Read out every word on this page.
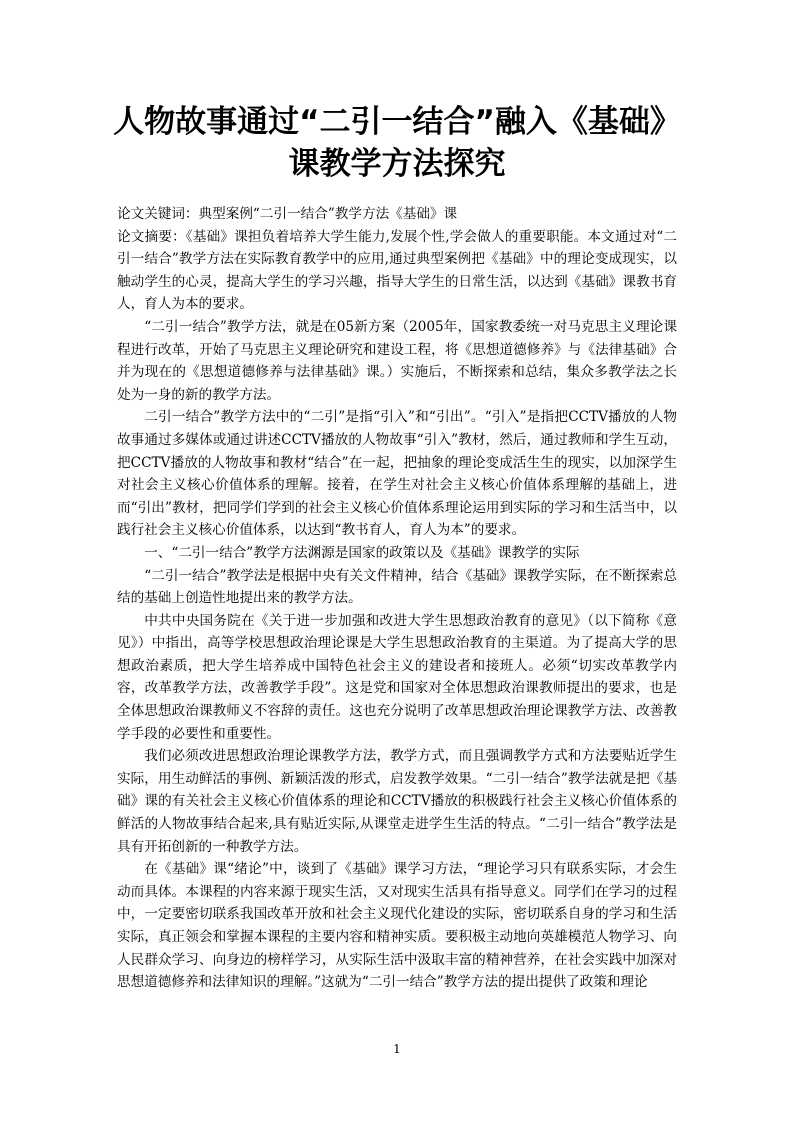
人物故事通过“二引一结合”融入《基础》
课教学方法探究

论文关键词：典型案例“二引一结合”教学方法《基础》课

论文摘要：《基础》课担负着培养大学生能力,发展个性,学会做人的重要职能。本文通过对“二引一结合”教学方法在实际教育教学中的应用,通过典型案例把《基础》中的理论变成现实，以触动学生的心灵，提高大学生的学习兴趣，指导大学生的日常生活，以达到《基础》课教书育人，育人为本的要求。

“二引一结合”教学方法，就是在05新方案（2005年，国家教委统一对马克思主义理论课程进行改革，开始了马克思主义理论研究和建设工程，将《思想道德修养》与《法律基础》合并为现在的《思想道德修养与法律基础》课。）实施后，不断探索和总结，集众多教学法之长处为一身的新的教学方法。

二引一结合”教学方法中的“二引”是指“引入”和“引出”。“引入”是指把CCTV播放的人物故事通过多媒体或通过讲述CCTV播放的人物故事“引入”教材，然后，通过教师和学生互动，把CCTV播放的人物故事和教材“结合”在一起，把抽象的理论变成活生生的现实，以加深学生对社会主义核心价值体系的理解。接着，在学生对社会主义核心价值体系理解的基础上，进而“引出”教材，把同学们学到的社会主义核心价值体系理论运用到实际的学习和生活当中，以践行社会主义核心价值体系，以达到“教书育人，育人为本”的要求。

一、“二引一结合”教学方法渊源是国家的政策以及《基础》课教学的实际

“二引一结合”教学法是根据中央有关文件精神，结合《基础》课教学实际，在不断探索总结的基础上创造性地提出来的教学方法。

中共中央国务院在《关于进一步加强和改进大学生思想政治教育的意见》（以下简称《意见》）中指出，高等学校思想政治理论课是大学生思想政治教育的主渠道。为了提高大学的思想政治素质，把大学生培养成中国特色社会主义的建设者和接班人。必须“切实改革教学内容，改革教学方法，改善教学手段”。这是党和国家对全体思想政治课教师提出的要求，也是全体思想政治课教师义不容辞的责任。这也充分说明了改革思想政治理论课教学方法、改善教学手段的必要性和重要性。

我们必须改进思想政治理论课教学方法，教学方式，而且强调教学方式和方法要贴近学生实际，用生动鲜活的事例、新颖活泼的形式，启发教学效果。“二引一结合”教学法就是把《基础》课的有关社会主义核心价值体系的理论和CCTV播放的积极践行社会主义核心价值体系的鲜活的人物故事结合起来,具有贴近实际,从课堂走进学生生活的特点。“二引一结合”教学法是具有开拓创新的一种教学方法。

在《基础》课“绪论”中，谈到了《基础》课学习方法，“理论学习只有联系实际，才会生动而具体。本课程的内容来源于现实生活，又对现实生活具有指导意义。同学们在学习的过程中，一定要密切联系我国改革开放和社会主义现代化建设的实际，密切联系自身的学习和生活实际，真正领会和掌握本课程的主要内容和精神实质。要积极主动地向英雄模范人物学习、向人民群众学习、向身边的榜样学习，从实际生活中汲取丰富的精神营养，在社会实践中加深对思想道德修养和法律知识的理解。”这就为“二引一结合”教学方法的提出提供了政策和理论

1
